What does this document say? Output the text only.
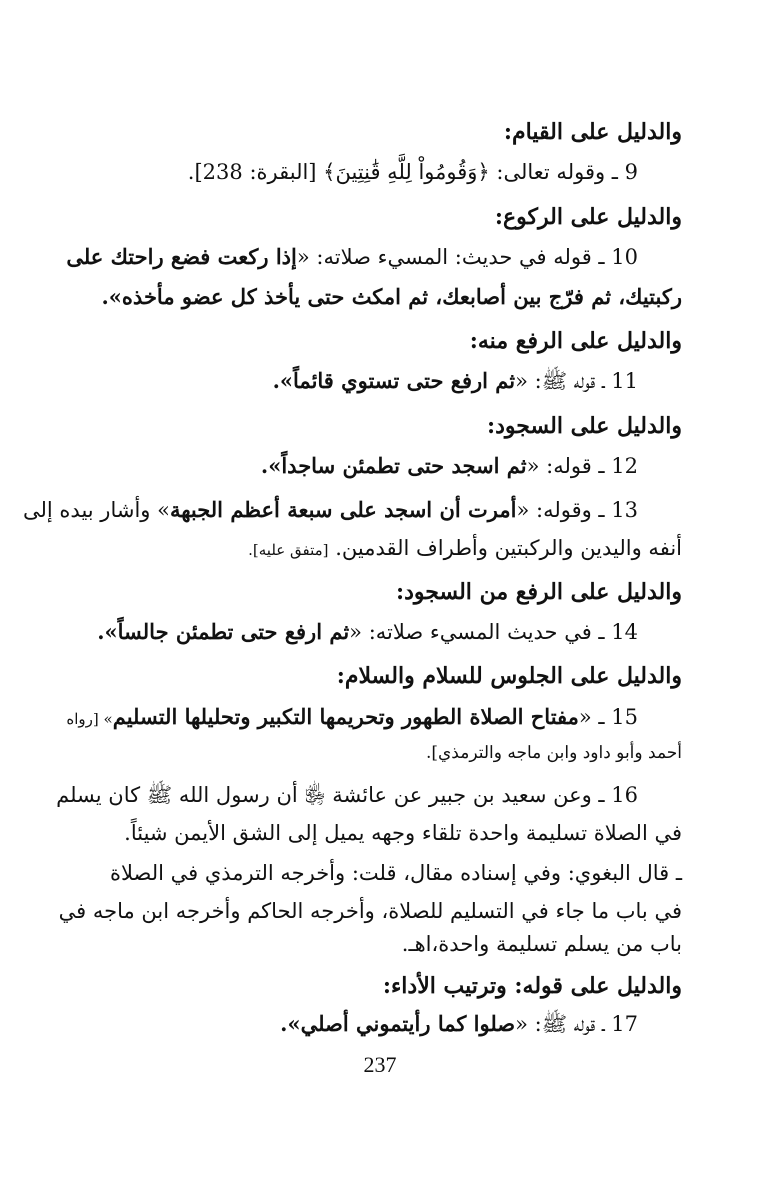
والدليل على القيام:
9 ـ وقوله تعالى: ﴿وَقُومُواْ لِلَّهِ قَٰنِتِينَ﴾ [البقرة: 238].
والدليل على الركوع:
10 ـ قوله في حديث: المسيء صلاته: «إذا ركعت فضع راحتك على
ركبتيك، ثم فرّج بين أصابعك، ثم امكث حتى يأخذ كل عضو مأخذه».
والدليل على الرفع منه:
11 ـ قوله ﷺ: «ثم ارفع حتى تستوي قائماً».
والدليل على السجود:
12 ـ قوله: «ثم اسجد حتى تطمئن ساجداً».
13 ـ وقوله: «أمرت أن اسجد على سبعة أعظم الجبهة» وأشار بيده إلى
أنفه واليدين والركبتين وأطراف القدمين. [متفق عليه].
والدليل على الرفع من السجود:
14 ـ في حديث المسيء صلاته: «ثم ارفع حتى تطمئن جالساً».
والدليل على الجلوس للسلام والسلام:
15 ـ «مفتاح الصلاة الطهور وتحريمها التكبير وتحليلها التسليم» [رواه
أحمد وأبو داود وابن ماجه والترمذي].
16 ـ وعن سعيد بن جبير عن عائشة ﵂ أن رسول الله ﷺ كان يسلم
في الصلاة تسليمة واحدة تلقاء وجهه يميل إلى الشق الأيمن شيئاً.
ـ قال البغوي: وفي إسناده مقال، قلت: وأخرجه الترمذي في الصلاة
في باب ما جاء في التسليم للصلاة، وأخرجه الحاكم وأخرجه ابن ماجه في
باب من يسلم تسليمة واحدة،اهـ.
والدليل على قوله: وترتيب الأداء:
17 ـ قوله ﷺ: «صلوا كما رأيتموني أصلي».
237
